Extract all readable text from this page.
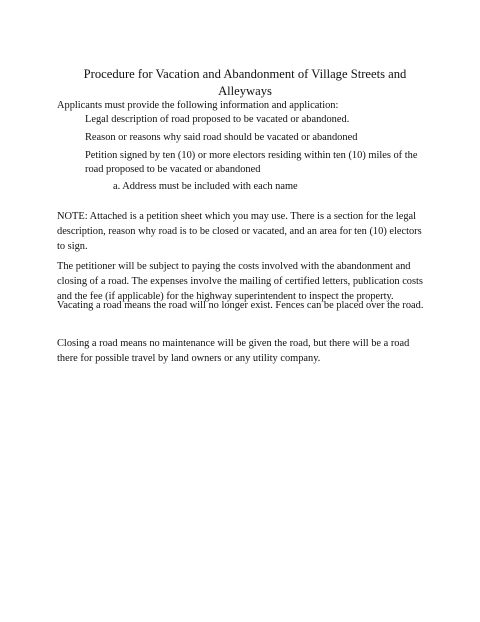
Procedure for Vacation and Abandonment of Village Streets and Alleyways

Applicants must provide the following information and application:

Legal description of road proposed to be vacated or abandoned.
Reason or reasons why said road should be vacated or abandoned
Petition signed by ten (10) or more electors residing within ten (10) miles of the road proposed to be vacated or abandoned

a. Address must be included with each name

NOTE: Attached is a petition sheet which you may use. There is a section for the legal description, reason why road is to be closed or vacated, and an area for ten (10) electors to sign.

The petitioner will be subject to paying the costs involved with the abandonment and closing of a road. The expenses involve the mailing of certified letters, publication costs and the fee (if applicable) for the highway superintendent to inspect the property.

Vacating a road means the road will no longer exist. Fences can be placed over the road.

Closing a road means no maintenance will be given the road, but there will be a road there for possible travel by land owners or any utility company.
